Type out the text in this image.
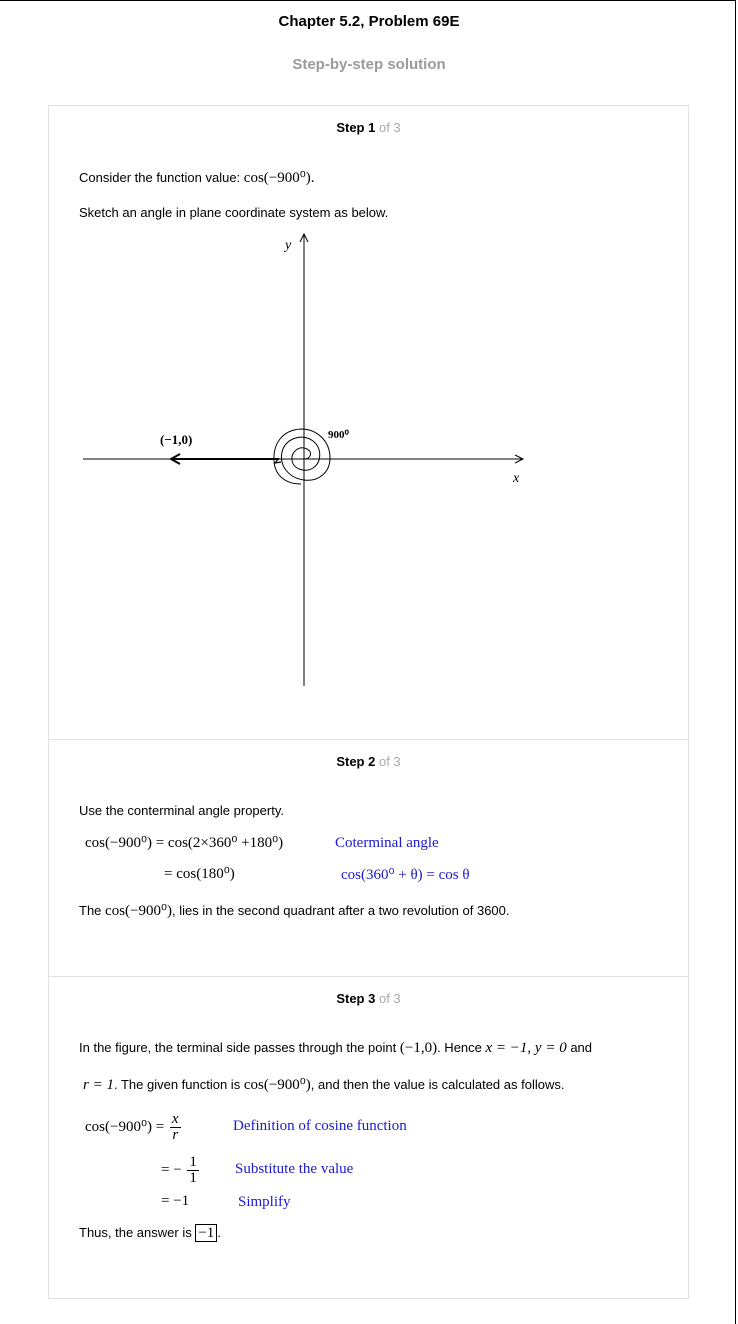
Chapter 5.2, Problem 69E
Step-by-step solution
Step 1 of 3
Consider the function value: cos(−900⁰).
Sketch an angle in plane coordinate system as below.
y
x
(−1,0)	900⁰
Step 2 of 3
Use the conterminal angle property.
cos(−900⁰) = cos(2×360⁰ +180⁰)
= cos(180⁰)
Coterminal angle
cos(360⁰ + θ) = cos θ
The cos(−900⁰), lies in the second quadrant after a two revolution of 3600.
Step 3 of 3
In the figure, the terminal side passes through the point (−1,0). Hence x = −1, y = 0 and
r = 1. The given function is cos(−900⁰), and then the value is calculated as follows.
$\cos(-900^0) = \frac{x}{r}$
= − $\frac{1}{1}$
= −1
Definition of cosine function
Substitute the value
Simplify
Thus, the answer is −1 .
